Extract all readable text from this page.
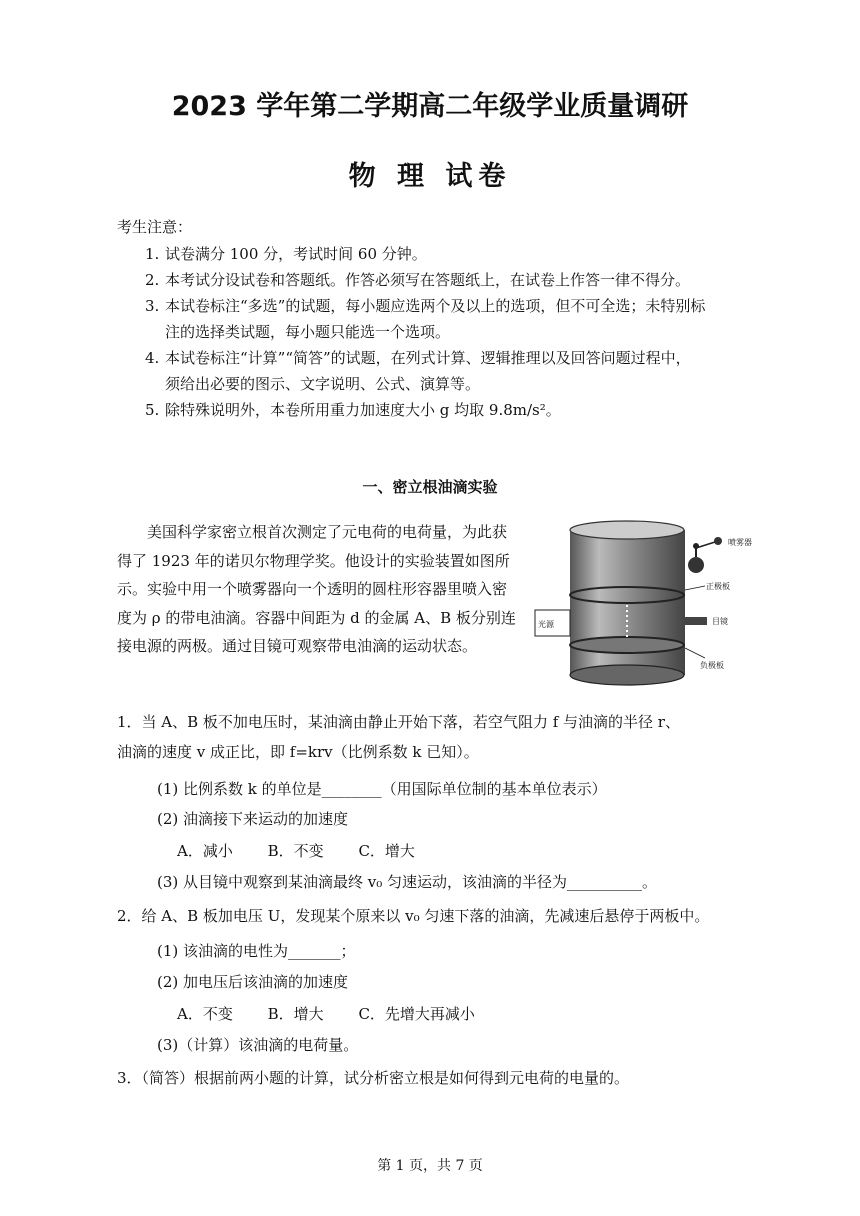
2023 学年第二学期高二年级学业质量调研
物 理 试卷
考生注意：

1. 试卷满分 100 分，考试时间 60 分钟。

2. 本考试分设试卷和答题纸。作答必须写在答题纸上，在试卷上作答一律不得分。

3. 本试卷标注“多选”的试题，每小题应选两个及以上的选项，但不可全选；未特别标
注的选择类试题，每小题只能选一个选项。

4. 本试卷标注“计算”“简答”的试题，在列式计算、逻辑推理以及回答问题过程中，
须给出必要的图示、文字说明、公式、演算等。

5. 除特殊说明外，本卷所用重力加速度大小 g 均取 9.8m/s²。

一、密立根油滴实验

美国科学家密立根首次测定了元电荷的电荷量，为此获得了 1923 年的诺贝尔物理学奖。他设计的实验装置如图所示。实验中用一个喷雾器向一个透明的圆柱形容器里喷入密度为 ρ 的带电油滴。容器中间距为 d 的金属 A、B 板分别连接电源的两极。通过目镜可观察带电油滴的运动状态。

喷雾器
正极板
光源	目镜
负极板
1．当 A、B 板不加电压时，某油滴由静止开始下落，若空气阻力 f 与油滴的半径 r、
油滴的速度 v 成正比，即 f=krv（比例系数 k 已知）。
(1) 比例系数 k 的单位是________（用国际单位制的基本单位表示）
(2) 油滴接下来运动的加速度
A．减小 B．不变 C．增大
(3) 从目镜中观察到某油滴最终 v₀ 匀速运动，该油滴的半径为__________。
2．给 A、B 板加电压 U，发现某个原来以 v₀ 匀速下落的油滴，先减速后悬停于两板中。
(1) 该油滴的电性为_______；
(2) 加电压后该油滴的加速度
A．不变 B．增大 C．先增大再减小
(3)（计算）该油滴的电荷量。
3．（简答）根据前两小题的计算，试分析密立根是如何得到元电荷的电量的。
第 1 页，共 7 页
